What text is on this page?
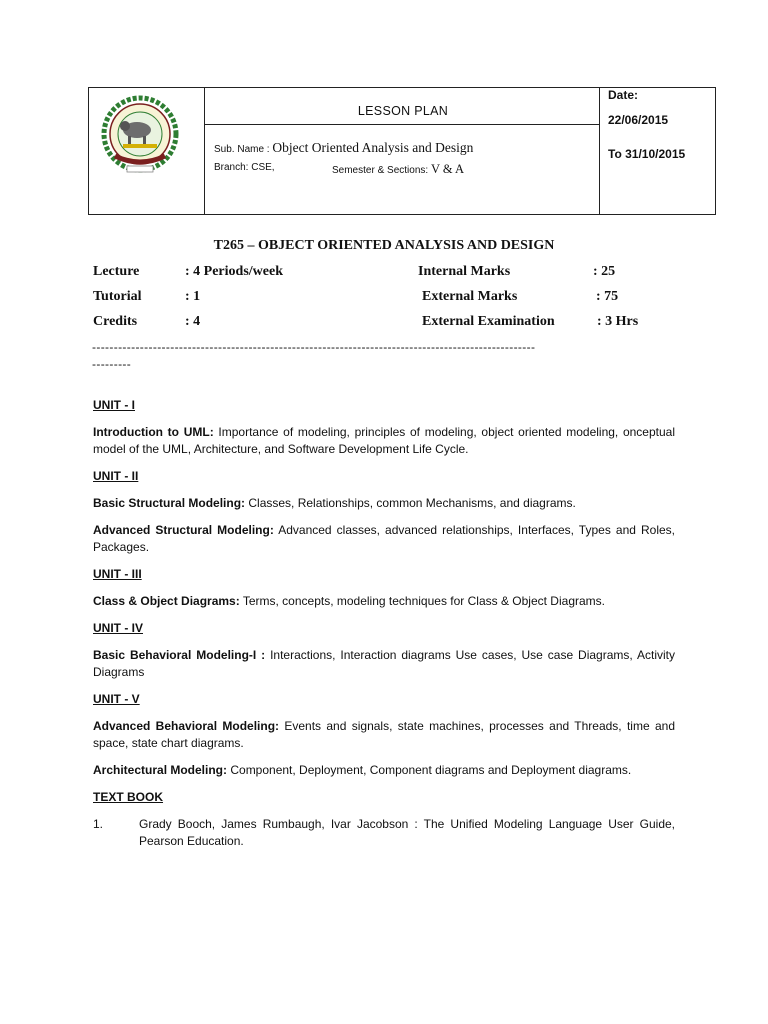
LESSON PLAN
Sub. Name : Object Oriented Analysis and Design
Branch: CSE,	Semester & Sections: V & A
Date:
22/06/2015
To 31/10/2015
T265 – OBJECT ORIENTED ANALYSIS AND DESIGN
Lecture	: 4 Periods/week	Internal Marks	: 25
Tutorial	: 1	External Marks	: 75
Credits	: 4	External Examination	: 3 Hrs
------------------------------------------------------------------------------------------------------
---------

UNIT - I

Introduction to UML: Importance of modeling, principles of modeling, object oriented modeling, onceptual model of the UML, Architecture, and Software Development Life Cycle.

UNIT - II

Basic Structural Modeling: Classes, Relationships, common Mechanisms, and diagrams.

Advanced Structural Modeling: Advanced classes, advanced relationships, Interfaces, Types and Roles, Packages.

UNIT - III

Class & Object Diagrams: Terms, concepts, modeling techniques for Class & Object Diagrams.

UNIT - IV

Basic Behavioral Modeling-I : Interactions, Interaction diagrams Use cases, Use case Diagrams, Activity Diagrams

UNIT - V

Advanced Behavioral Modeling: Events and signals, state machines, processes and Threads, time and space, state chart diagrams.

Architectural Modeling: Component, Deployment, Component diagrams and Deployment diagrams.

TEXT BOOK

1.	Grady Booch, James Rumbaugh, Ivar Jacobson : The Unified Modeling Language User Guide, Pearson Education.
